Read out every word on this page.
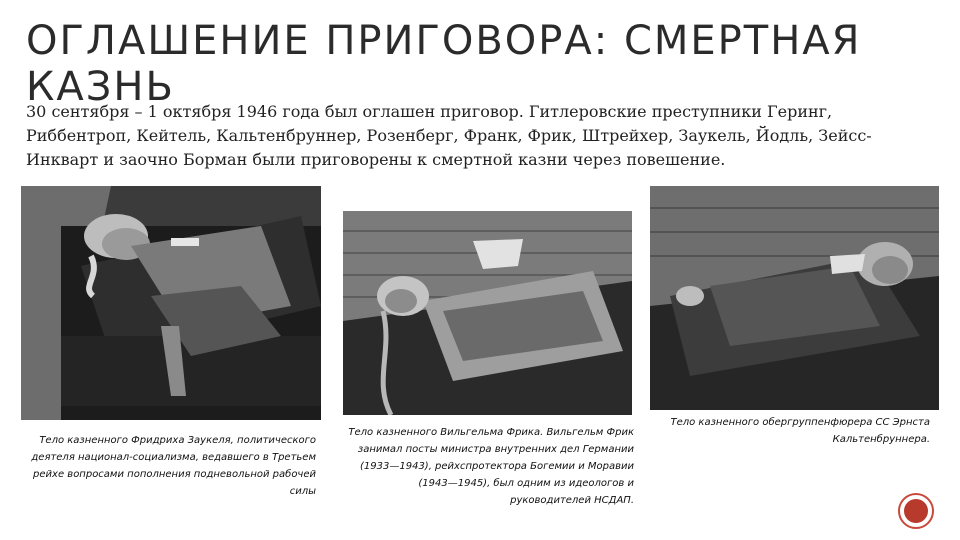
ОГЛАШЕНИЕ ПРИГОВОРА: СМЕРТНАЯ КАЗНЬ
30 сентября – 1 октября 1946 года был оглашен приговор. Гитлеровские преступники Геринг, Риббентроп, Кейтель, Кальтенбруннер, Розенберг, Франк, Фрик, Штрейхер, Заукель, Йодль, Зейсс-Инкварт и заочно Борман были приговорены к смертной казни через повешение.
Тело казненного Фридриха Заукеля, политического деятеля национал-социализма, ведавшего в Третьем рейхе вопросами пополнения подневольной рабочей силы
Тело казненного Вильгельма Фрика. Вильгельм Фрик занимал посты министра внутренних дел Германии (1933—1943), рейхспротектора Богемии и Моравии (1943—1945), был одним из идеологов и руководителей НСДАП.
Тело казненного обергруппенфюрера СС Эрнста Кальтенбруннера.
